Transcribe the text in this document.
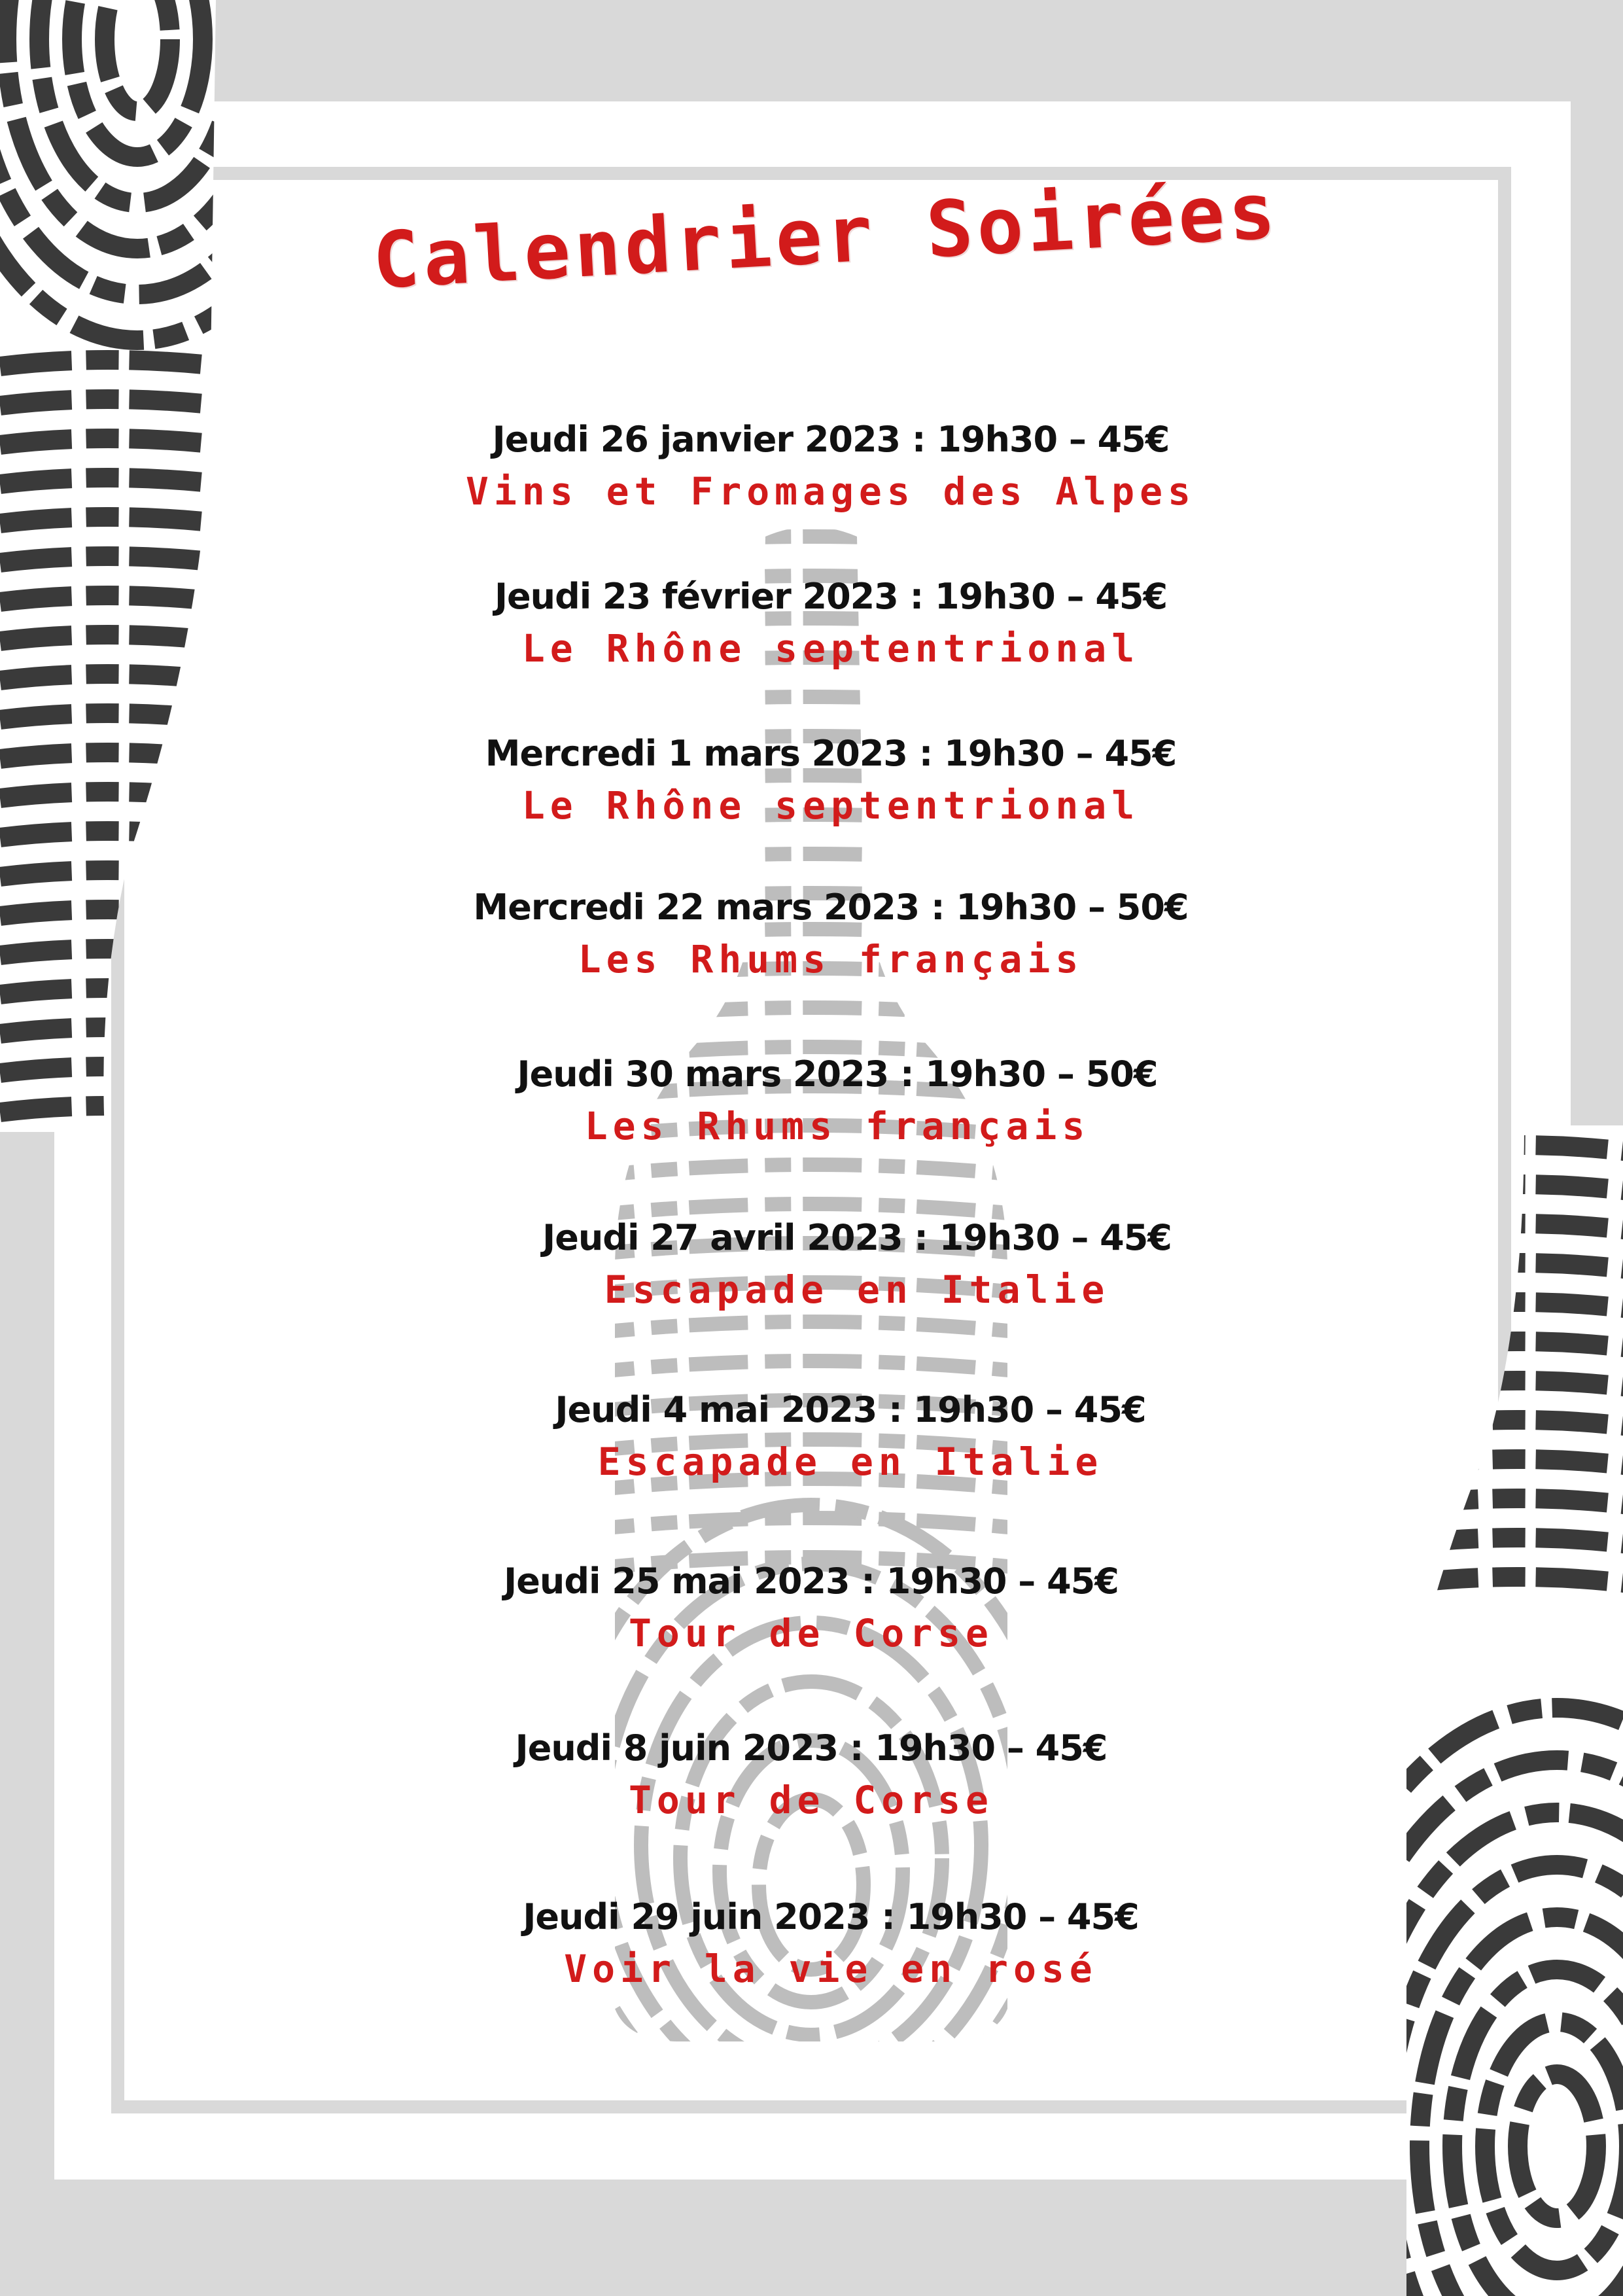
Calendrier Soirées
Jeudi 26 janvier 2023 : 19h30 – 45€
Vins et Fromages des Alpes
Jeudi 23 février 2023 : 19h30 – 45€
Le Rhône septentrional
Mercredi 1 mars 2023 : 19h30 – 45€
Le Rhône septentrional
Mercredi 22 mars 2023 : 19h30 – 50€
Les Rhums français
Jeudi 30 mars 2023 : 19h30 – 50€
Les Rhums français
Jeudi 27 avril 2023 : 19h30 – 45€
Escapade en Italie
Jeudi 4 mai 2023 : 19h30 – 45€
Escapade en Italie
Jeudi 25 mai 2023 : 19h30 – 45€
Tour de Corse
Jeudi 8 juin 2023 : 19h30 – 45€
Tour de Corse
Jeudi 29 juin 2023 : 19h30 – 45€
Voir la vie en rosé
